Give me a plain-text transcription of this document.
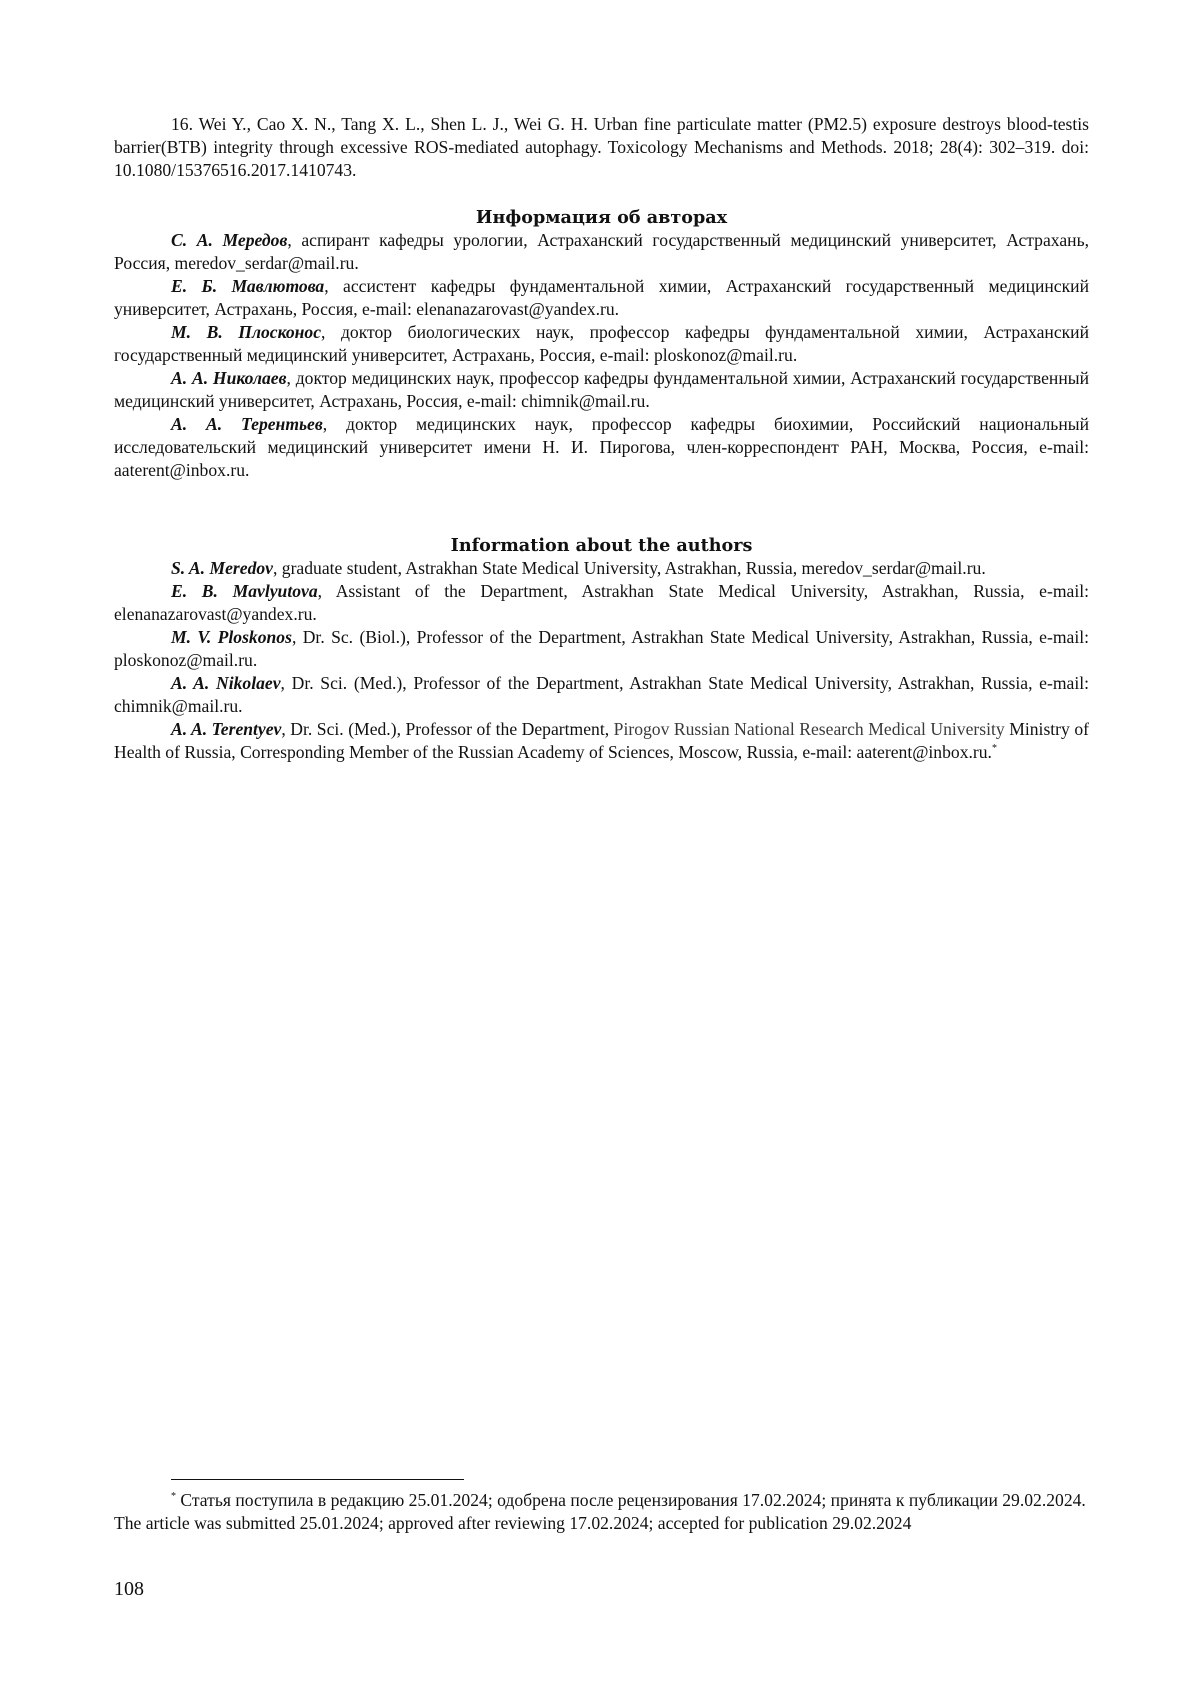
16. Wei Y., Cao X. N., Tang X. L., Shen L. J., Wei G. H. Urban fine particulate matter (PM2.5) exposure destroys blood-testis barrier(BTB) integrity through excessive ROS-mediated autophagy. Toxicology Mechanisms and Methods. 2018; 28(4): 302–319. doi: 10.1080/15376516.2017.1410743.

Информация об авторах

С. А. Мередов, аспирант кафедры урологии, Астраханский государственный медицинский университет, Астрахань, Россия, meredov_serdar@mail.ru.

Е. Б. Мавлютова, ассистент кафедры фундаментальной химии, Астраханский государственный медицинский университет, Астрахань, Россия, e-mail: elenanazarovast@yandex.ru.

М. В. Плосконос, доктор биологических наук, профессор кафедры фундаментальной химии, Астраханский государственный медицинский университет, Астрахань, Россия, e-mail: ploskonoz@mail.ru.

А. А. Николаев, доктор медицинских наук, профессор кафедры фундаментальной химии, Астраханский государственный медицинский университет, Астрахань, Россия, e-mail: chimnik@mail.ru.

А. А. Терентьев, доктор медицинских наук, профессор кафедры биохимии, Российский национальный исследовательский медицинский университет имени Н. И. Пирогова, член-корреспондент РАН, Москва, Россия, e-mail: aaterent@inbox.ru.

Information about the authors

S. A. Meredov, graduate student, Astrakhan State Medical University, Astrakhan, Russia, meredov_serdar@mail.ru.

E. B. Mavlyutova, Assistant of the Department, Astrakhan State Medical University, Astrakhan, Russia, e-mail: elenanazarovast@yandex.ru.

M. V. Ploskonos, Dr. Sc. (Biol.), Professor of the Department, Astrakhan State Medical University, Astrakhan, Russia, e-mail: ploskonoz@mail.ru.

A. A. Nikolaev, Dr. Sci. (Med.), Professor of the Department, Astrakhan State Medical University, Astrakhan, Russia, e-mail: chimnik@mail.ru.

A. A. Terentyev, Dr. Sci. (Med.), Professor of the Department, Pirogov Russian National Research Medical University Ministry of Health of Russia, Corresponding Member of the Russian Academy of Sciences, Moscow, Russia, e-mail: aaterent@inbox.ru.*

* Статья поступила в редакцию 25.01.2024; одобрена после рецензирования 17.02.2024; принята к публикации 29.02.2024.

The article was submitted 25.01.2024; approved after reviewing 17.02.2024; accepted for publication 29.02.2024

108
